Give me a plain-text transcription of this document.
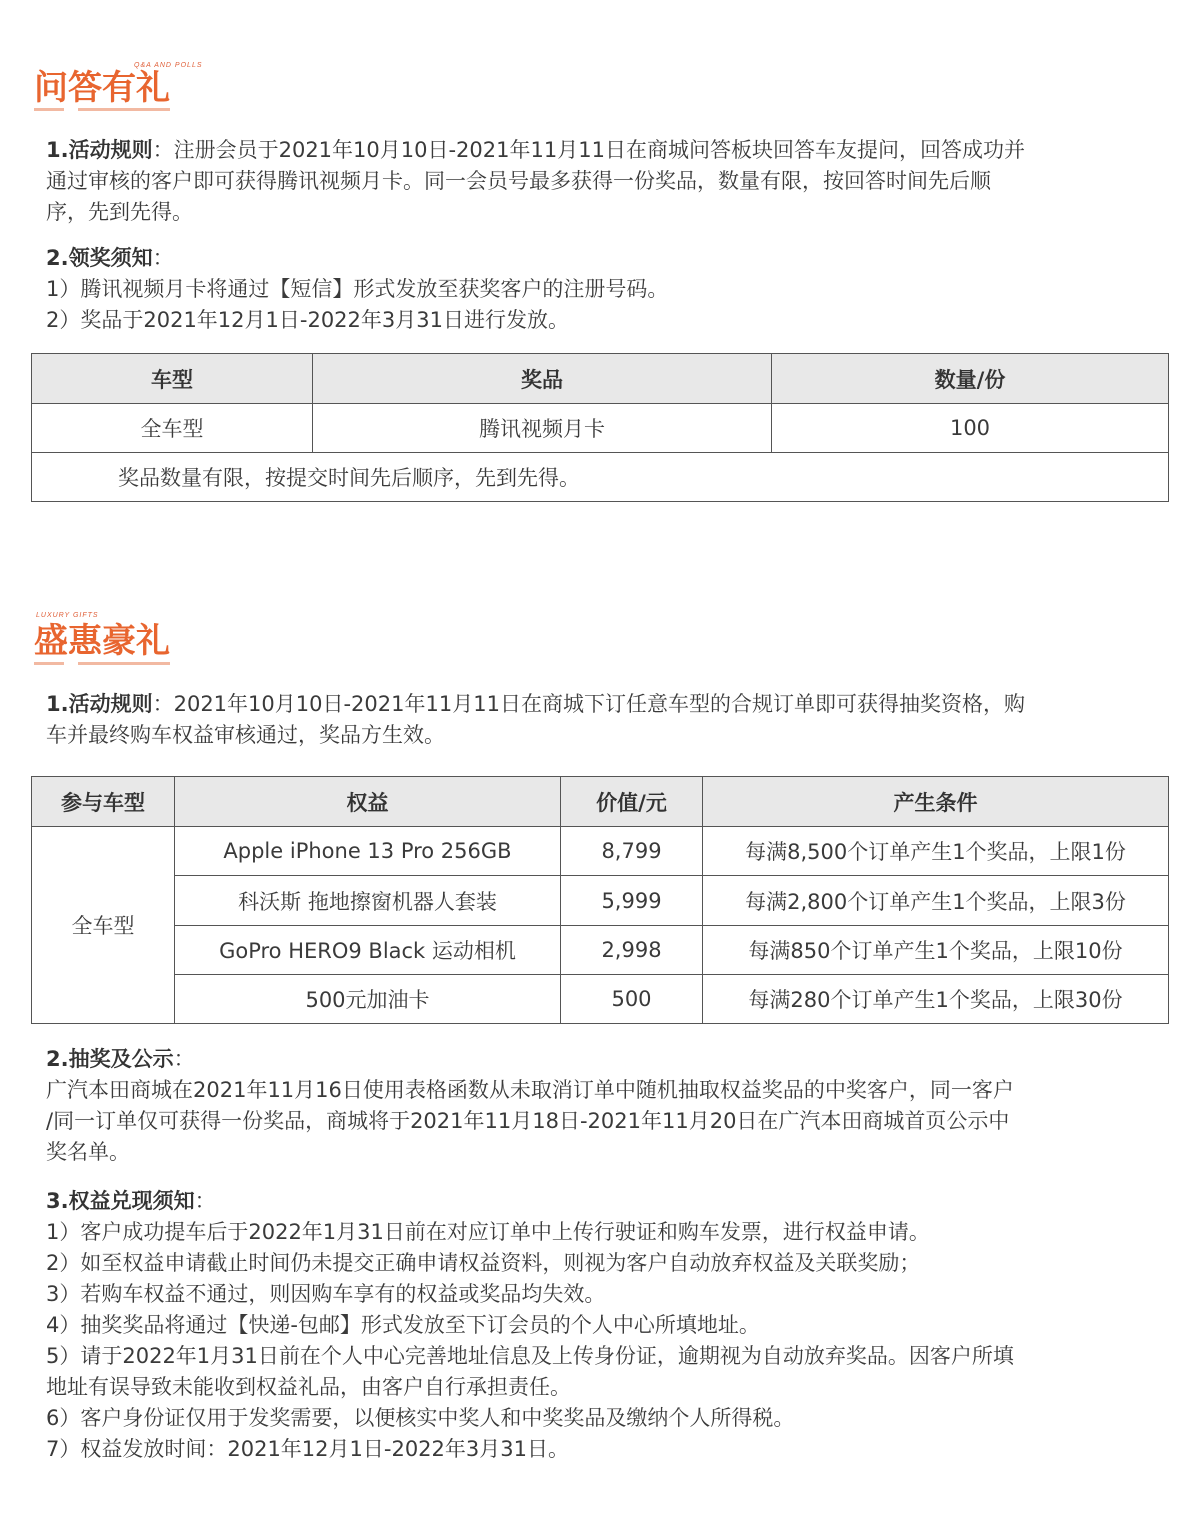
Q&A AND POLLS
问答有礼
1.活动规则：注册会员于2021年10月10日-2021年11月11日在商城问答板块回答车友提问，回答成功并
通过审核的客户即可获得腾讯视频月卡。同一会员号最多获得一份奖品，数量有限，按回答时间先后顺
序，先到先得。
2.领奖须知：
1）腾讯视频月卡将通过【短信】形式发放至获奖客户的注册号码。
2）奖品于2021年12月1日-2022年3月31日进行发放。
车型	奖品	数量/份
全车型	腾讯视频月卡	100
奖品数量有限，按提交时间先后顺序，先到先得。		
LUXURY GIFTS
盛惠豪礼
1.活动规则：2021年10月10日-2021年11月11日在商城下订任意车型的合规订单即可获得抽奖资格，购
车并最终购车权益审核通过，奖品方生效。
参与车型	权益	价值/元	产生条件
全车型	Apple iPhone 13 Pro 256GB	8,799	每满8,500个订单产生1个奖品，上限1份
	科沃斯 拖地擦窗机器人套装	5,999	每满2,800个订单产生1个奖品，上限3份
	GoPro HERO9 Black 运动相机	2,998	每满850个订单产生1个奖品，上限10份
	500元加油卡	500	每满280个订单产生1个奖品，上限30份
2.抽奖及公示：
广汽本田商城在2021年11月16日使用表格函数从未取消订单中随机抽取权益奖品的中奖客户，同一客户
/同一订单仅可获得一份奖品，商城将于2021年11月18日-2021年11月20日在广汽本田商城首页公示中
奖名单。
3.权益兑现须知：
1）客户成功提车后于2022年1月31日前在对应订单中上传行驶证和购车发票，进行权益申请。
2）如至权益申请截止时间仍未提交正确申请权益资料，则视为客户自动放弃权益及关联奖励；
3）若购车权益不通过，则因购车享有的权益或奖品均失效。
4）抽奖奖品将通过【快递-包邮】形式发放至下订会员的个人中心所填地址。
5）请于2022年1月31日前在个人中心完善地址信息及上传身份证，逾期视为自动放弃奖品。因客户所填
地址有误导致未能收到权益礼品，由客户自行承担责任。
6）客户身份证仅用于发奖需要，以便核实中奖人和中奖奖品及缴纳个人所得税。
7）权益发放时间：2021年12月1日-2022年3月31日。
